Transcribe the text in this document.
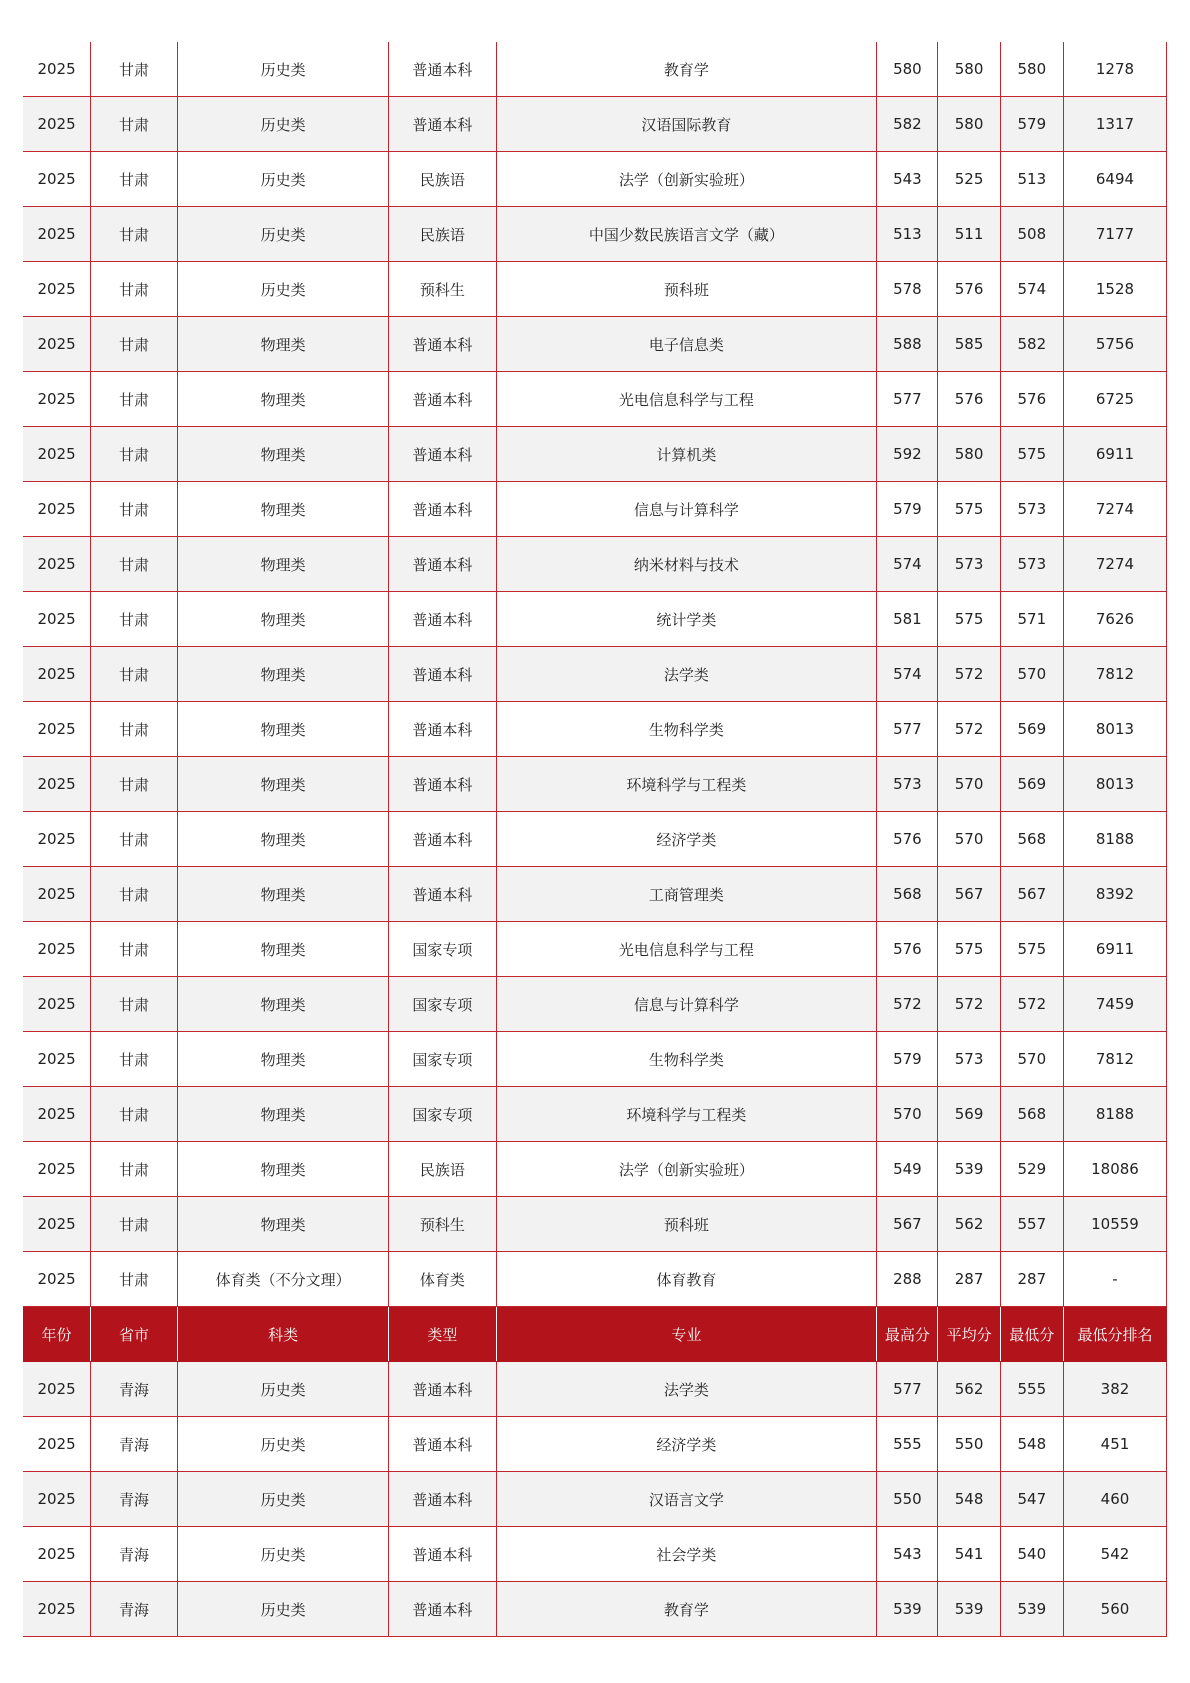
2025	甘肃	历史类	普通本科	教育学	580	580	580	1278
2025	甘肃	历史类	普通本科	汉语国际教育	582	580	579	1317
2025	甘肃	历史类	民族语	法学（创新实验班）	543	525	513	6494
2025	甘肃	历史类	民族语	中国少数民族语言文学（藏）	513	511	508	7177
2025	甘肃	历史类	预科生	预科班	578	576	574	1528
2025	甘肃	物理类	普通本科	电子信息类	588	585	582	5756
2025	甘肃	物理类	普通本科	光电信息科学与工程	577	576	576	6725
2025	甘肃	物理类	普通本科	计算机类	592	580	575	6911
2025	甘肃	物理类	普通本科	信息与计算科学	579	575	573	7274
2025	甘肃	物理类	普通本科	纳米材料与技术	574	573	573	7274
2025	甘肃	物理类	普通本科	统计学类	581	575	571	7626
2025	甘肃	物理类	普通本科	法学类	574	572	570	7812
2025	甘肃	物理类	普通本科	生物科学类	577	572	569	8013
2025	甘肃	物理类	普通本科	环境科学与工程类	573	570	569	8013
2025	甘肃	物理类	普通本科	经济学类	576	570	568	8188
2025	甘肃	物理类	普通本科	工商管理类	568	567	567	8392
2025	甘肃	物理类	国家专项	光电信息科学与工程	576	575	575	6911
2025	甘肃	物理类	国家专项	信息与计算科学	572	572	572	7459
2025	甘肃	物理类	国家专项	生物科学类	579	573	570	7812
2025	甘肃	物理类	国家专项	环境科学与工程类	570	569	568	8188
2025	甘肃	物理类	民族语	法学（创新实验班）	549	539	529	18086
2025	甘肃	物理类	预科生	预科班	567	562	557	10559
2025	甘肃	体育类（不分文理）	体育类	体育教育	288	287	287	-
年份	省市	科类	类型	专业	最高分	平均分	最低分	最低分排名
2025	青海	历史类	普通本科	法学类	577	562	555	382
2025	青海	历史类	普通本科	经济学类	555	550	548	451
2025	青海	历史类	普通本科	汉语言文学	550	548	547	460
2025	青海	历史类	普通本科	社会学类	543	541	540	542
2025	青海	历史类	普通本科	教育学	539	539	539	560
